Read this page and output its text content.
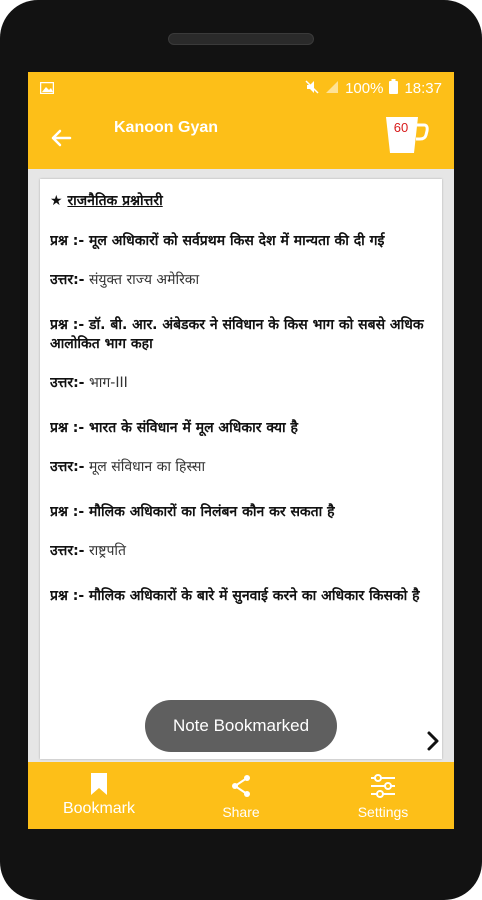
100% 18:37
Kanoon Gyan	60
★ राजनैतिक प्रश्नोत्तरी
प्रश्न :- मूल अधिकारों को सर्वप्रथम किस देश में मान्यता की दी गई
उत्तर:- संयुक्त राज्य अमेरिका
प्रश्न :- डॉ. बी. आर. अंबेडकर ने संविधान के किस भाग को सबसे अधिक आलोकित भाग कहा
उत्तर:- भाग-III
प्रश्न :- भारत के संविधान में मूल अधिकार क्या है
उत्तर:- मूल संविधान का हिस्सा
प्रश्न :- मौलिक अधिकारों का निलंबन कौन कर सकता है
उत्तर:- राष्ट्रपति
प्रश्न :- मौलिक अधिकारों के बारे में सुनवाई करने का अधिकार किसको है
Note Bookmarked
Bookmark	Share	Settings
